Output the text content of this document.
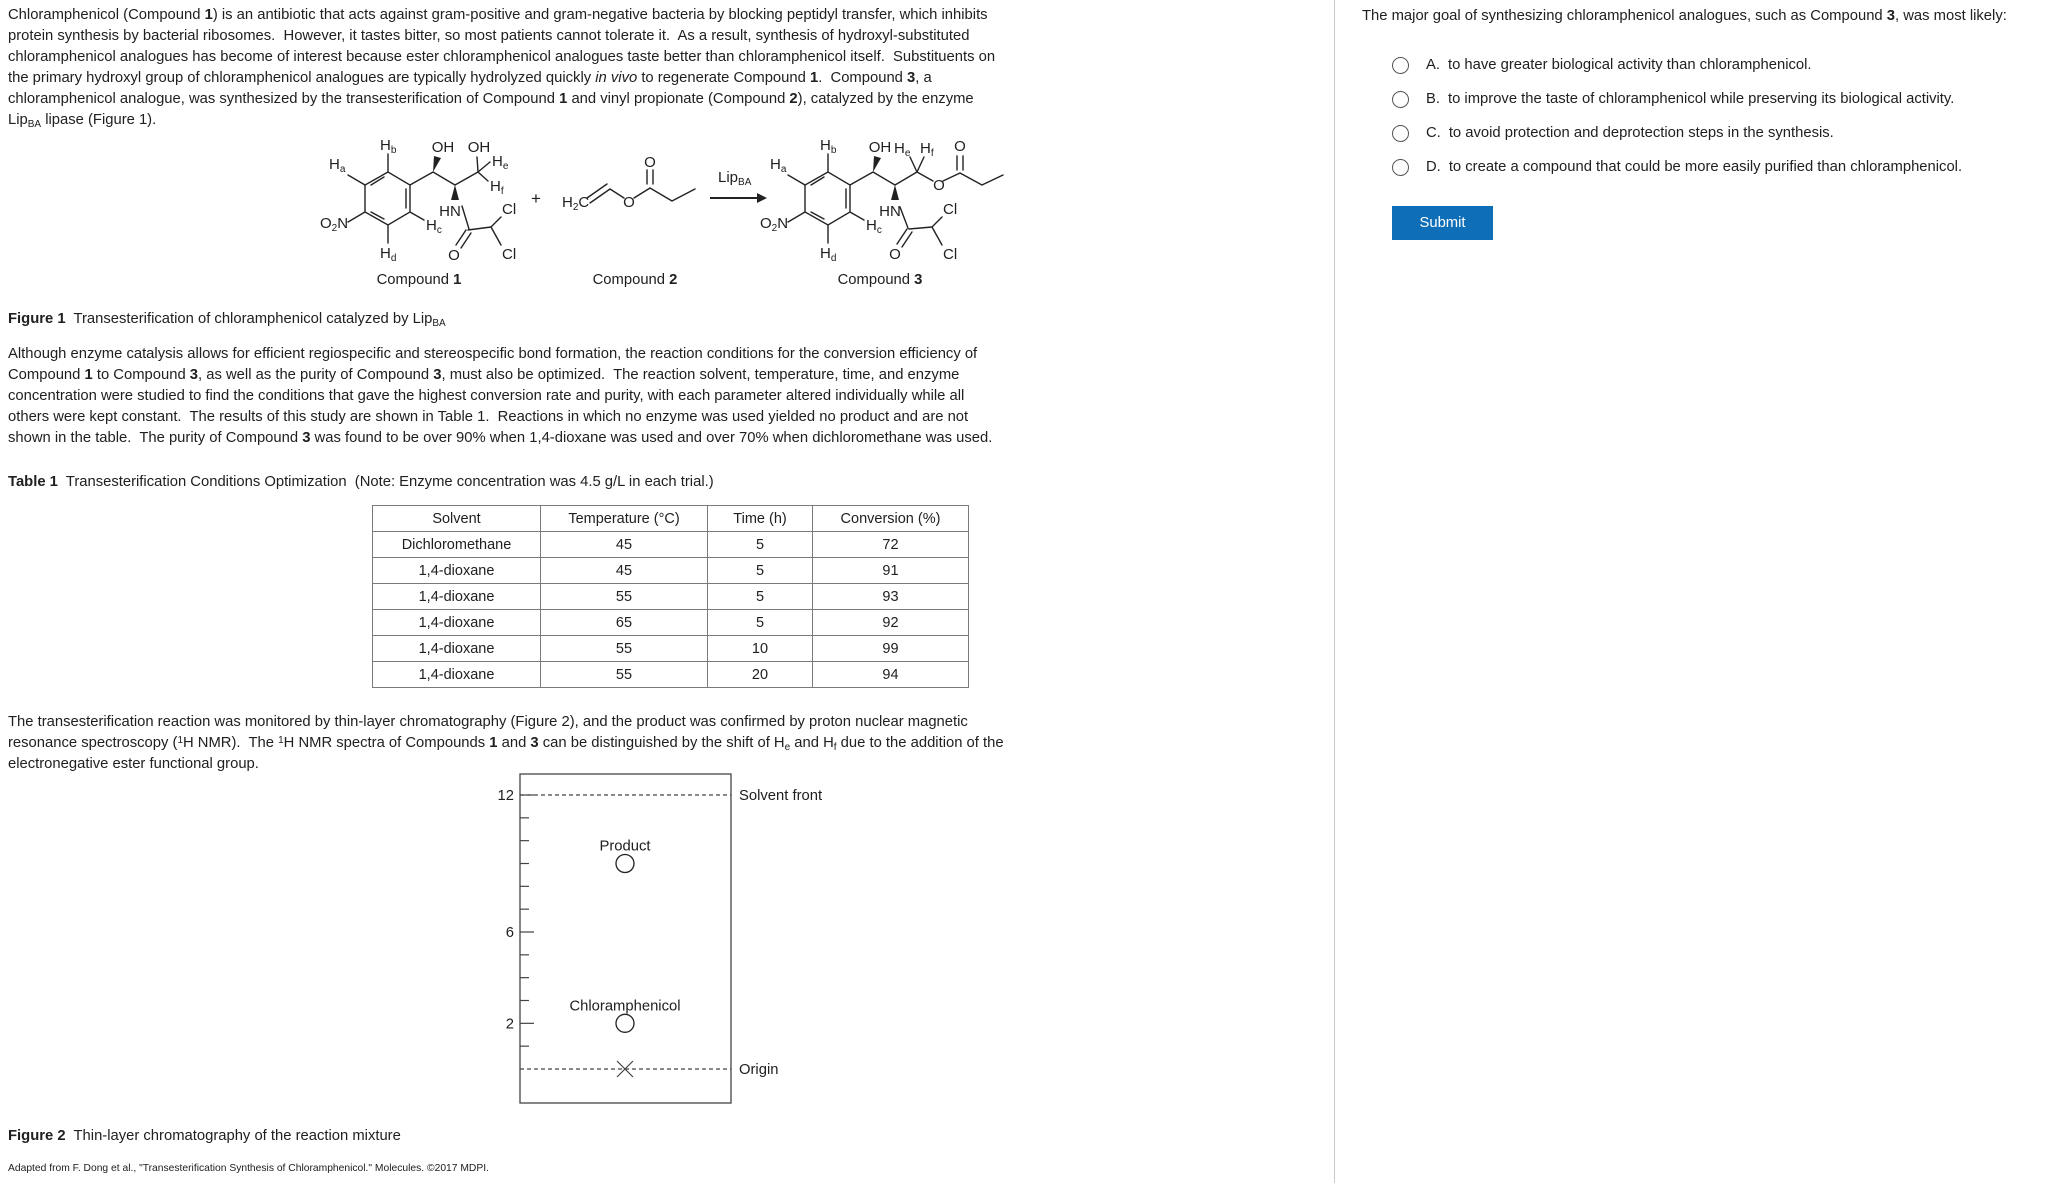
Chloramphenicol (Compound 1) is an antibiotic that acts against gram-positive and gram-negative bacteria by blocking peptidyl transfer, which inhibits protein synthesis by bacterial ribosomes.  However, it tastes bitter, so most patients cannot tolerate it.  As a result, synthesis of hydroxyl-substituted chloramphenicol analogues has become of interest because ester chloramphenicol analogues taste better than chloramphenicol itself.  Substituents on the primary hydroxyl group of chloramphenicol analogues are typically hydrolyzed quickly in vivo to regenerate Compound 1.  Compound 3, a chloramphenicol analogue, was synthesized by the transesterification of Compound 1 and vinyl propionate (Compound 2), catalyzed by the enzyme Lip$_{BA}$ lipase (Figure 1).
$H_a$
$H_b$
$O_2N$
$H_d$
$H_c$
OH OH
$H_e$
$H_f$
HN
O
Cl
Cl
+ $H_2C$ O
O
Lip$_{BA}$
$H_a$
$H_b$
$O_2N$
$H_d$
$H_c$
OH $H_e$ $H_f$
HN
O
O
O
Cl
Cl
Compound 1	Compound 2	Compound 3
Figure 1  Transesterification of chloramphenicol catalyzed by Lip$_{BA}$
Although enzyme catalysis allows for efficient regiospecific and stereospecific bond formation, the reaction conditions for the conversion efficiency of Compound 1 to Compound 3, as well as the purity of Compound 3, must also be optimized.  The reaction solvent, temperature, time, and enzyme concentration were studied to find the conditions that gave the highest conversion rate and purity, with each parameter altered individually while all others were kept constant.  The results of this study are shown in Table 1.  Reactions in which no enzyme was used yielded no product and are not shown in the table.  The purity of Compound 3 was found to be over 90% when 1,4-dioxane was used and over 70% when dichloromethane was used.
Table 1  Transesterification Conditions Optimization  (Note: Enzyme concentration was 4.5 g/L in each trial.)
Solvent	Temperature (°C)	Time (h)	Conversion (%)
Dichloromethane	45	5	72
1,4-dioxane	45	5	91
1,4-dioxane	55	5	93
1,4-dioxane	65	5	92
1,4-dioxane	55	10	99
1,4-dioxane	55	20	94
The transesterification reaction was monitored by thin-layer chromatography (Figure 2), and the product was confirmed by proton nuclear magnetic resonance spectroscopy ($^1$H NMR).  The $^1$H NMR spectra of Compounds 1 and 3 can be distinguished by the shift of $H_e$ and $H_f$ due to the addition of the electronegative ester functional group.
2
6
12	Solvent front
Origin
Product
Chloramphenicol
Figure 2  Thin-layer chromatography of the reaction mixture
Adapted from F. Dong et al., "Transesterification Synthesis of Chloramphenicol." Molecules. ©2017 MDPI.
The major goal of synthesizing chloramphenicol analogues, such as Compound 3, was most likely:
A. to have greater biological activity than chloramphenicol.
B. to improve the taste of chloramphenicol while preserving its biological activity.
C. to avoid protection and deprotection steps in the synthesis.
D. to create a compound that could be more easily purified than chloramphenicol.
Submit
